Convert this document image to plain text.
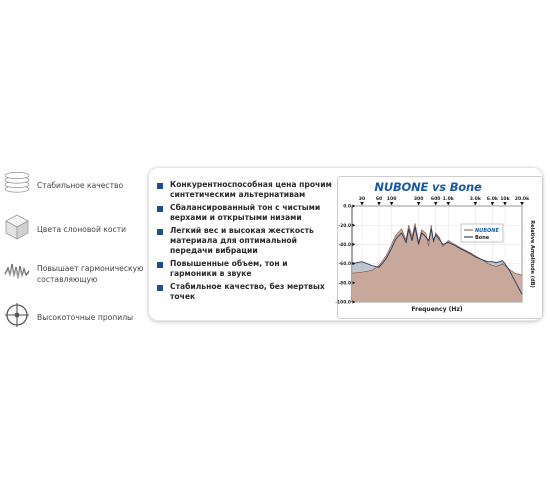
Стабильное качество
Цвета слоновой кости
Повышает гармоническую составляющую
Высокоточные пропилы
Конкурентноспособная цена прочим синтетическим альтернативам
Сбалансированный тон с чистыми верхами и открытыми низами
Легкий вес и высокая жесткость материала для оптимальной передачи вибрации
Повышенные объем, тон и гармоники в звуке
Стабильное качество, без мертвых точек
NUBONE vs Bone
30 60 100	300 600 1.0k	3.0k 6.0k 10k 20.0k
0.0
-20.0
-40.0
-60.0
-80.0
-100.0
NUBONE
Bone
Frequency (Hz)
Relative Amplitude (dB)
